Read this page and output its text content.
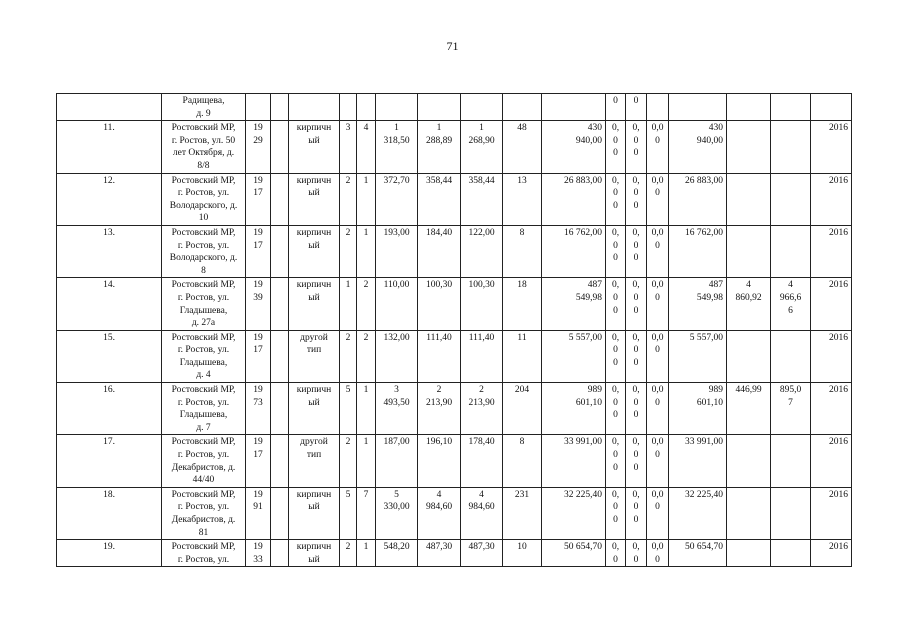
71
	Радищева,
д. 9											0	0					
11.	Ростовский МР,
г. Ростов, ул. 50
лет Октября, д.
8/8	19
29		кирпичн
ый	3	4	1
318,50	1
288,89	1
268,90	48	430
940,00	0,
0
0	0,
0
0	0,0
0	430
940,00			2016
12.	Ростовский МР,
г. Ростов, ул.
Володарского, д.
10	19
17		кирпичн
ый	2	1	372,70	358,44	358,44	13	26 883,00	0,
0
0	0,
0
0	0,0
0	26 883,00			2016
13.	Ростовский МР,
г. Ростов, ул.
Володарского, д.
8	19
17		кирпичн
ый	2	1	193,00	184,40	122,00	8	16 762,00	0,
0
0	0,
0
0	0,0
0	16 762,00			2016
14.	Ростовский МР,
г. Ростов, ул.
Гладышева,
д. 27а	19
39		кирпичн
ый	1	2	110,00	100,30	100,30	18	487
549,98	0,
0
0	0,
0
0	0,0
0	487
549,98	4
860,92	4
966,6
6	2016
15.	Ростовский МР,
г. Ростов, ул.
Гладышева,
д. 4	19
17		другой
тип	2	2	132,00	111,40	111,40	11	5 557,00	0,
0
0	0,
0
0	0,0
0	5 557,00			2016
16.	Ростовский МР,
г. Ростов, ул.
Гладышева,
д. 7	19
73		кирпичн
ый	5	1	3
493,50	2
213,90	2
213,90	204	989
601,10	0,
0
0	0,
0
0	0,0
0	989
601,10	446,99	895,0
7	2016
17.	Ростовский МР,
г. Ростов, ул.
Декабристов, д.
44/40	19
17		другой
тип	2	1	187,00	196,10	178,40	8	33 991,00	0,
0
0	0,
0
0	0,0
0	33 991,00			2016
18.	Ростовский МР,
г. Ростов, ул.
Декабристов, д.
81	19
91		кирпичн
ый	5	7	5
330,00	4
984,60	4
984,60	231	32 225,40	0,
0
0	0,
0
0	0,0
0	32 225,40			2016
19.	Ростовский МР,
г. Ростов, ул.	19
33		кирпичн
ый	2	1	548,20	487,30	487,30	10	50 654,70	0,
0	0,
0	0,0
0	50 654,70			2016
